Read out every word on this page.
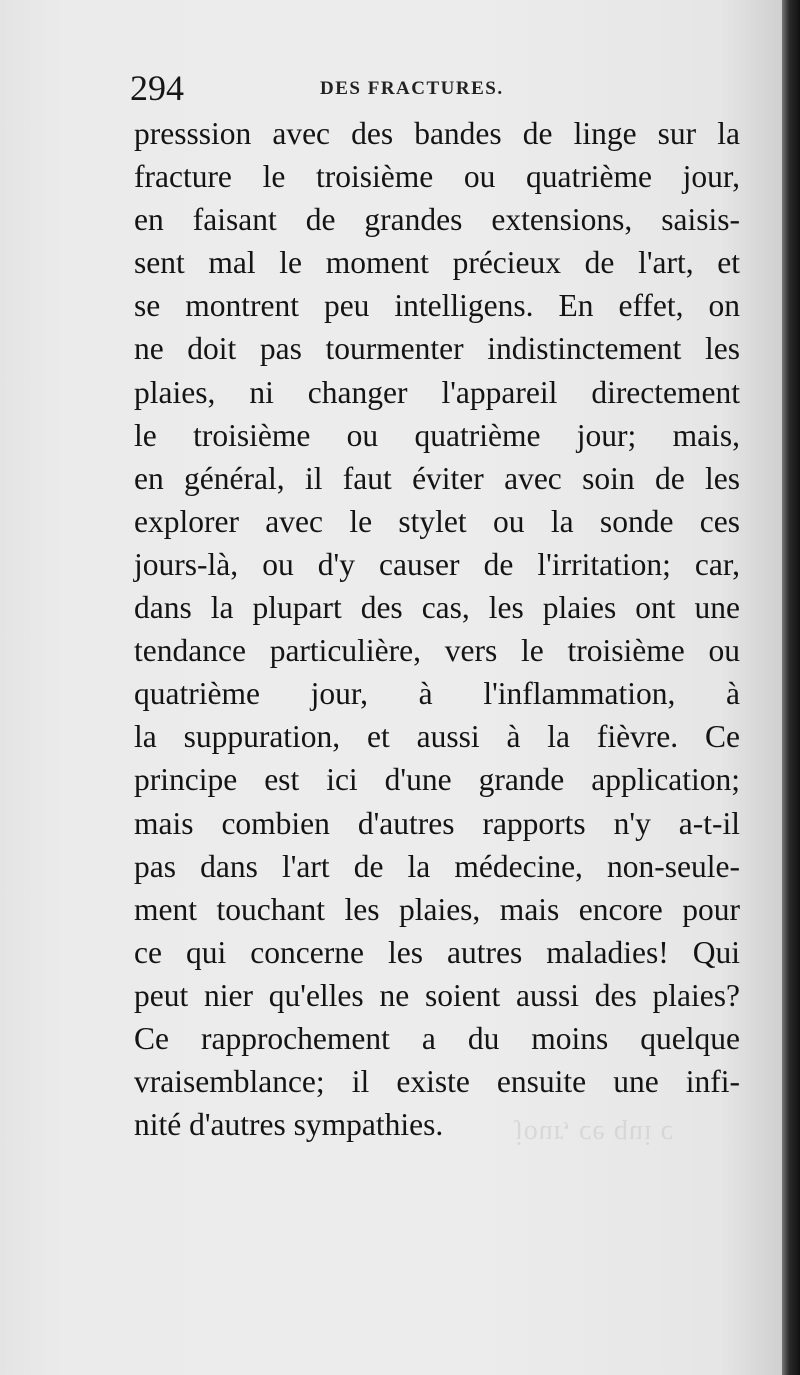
294	DES FRACTURES.
presssion avec des bandes de linge sur la
fracture le troisième ou quatrième jour,
en faisant de grandes extensions, saisis-
sent mal le moment précieux de l'art, et
se montrent peu intelligens. En effet, on
ne doit pas tourmenter indistinctement les
plaies, ni changer l'appareil directement
le troisième ou quatrième jour; mais,
en général, il faut éviter avec soin de les
explorer avec le stylet ou la sonde ces
jours-là, ou d'y causer de l'irritation; car,
dans la plupart des cas, les plaies ont une
tendance particulière, vers le troisième ou
quatrième jour, à l'inflammation, à
la suppuration, et aussi à la fièvre. Ce
principe est ici d'une grande application;
mais combien d'autres rapports n'y a-t-il
pas dans l'art de la médecine, non-seule-
ment touchant les plaies, mais encore pour
ce qui concerne les autres maladies! Qui
peut nier qu'elles ne soient aussi des plaies?
Ce rapprochement a du moins quelque
vraisemblance; il existe ensuite une infi-
nité d'autres sympathies.	jour, ce qui c
